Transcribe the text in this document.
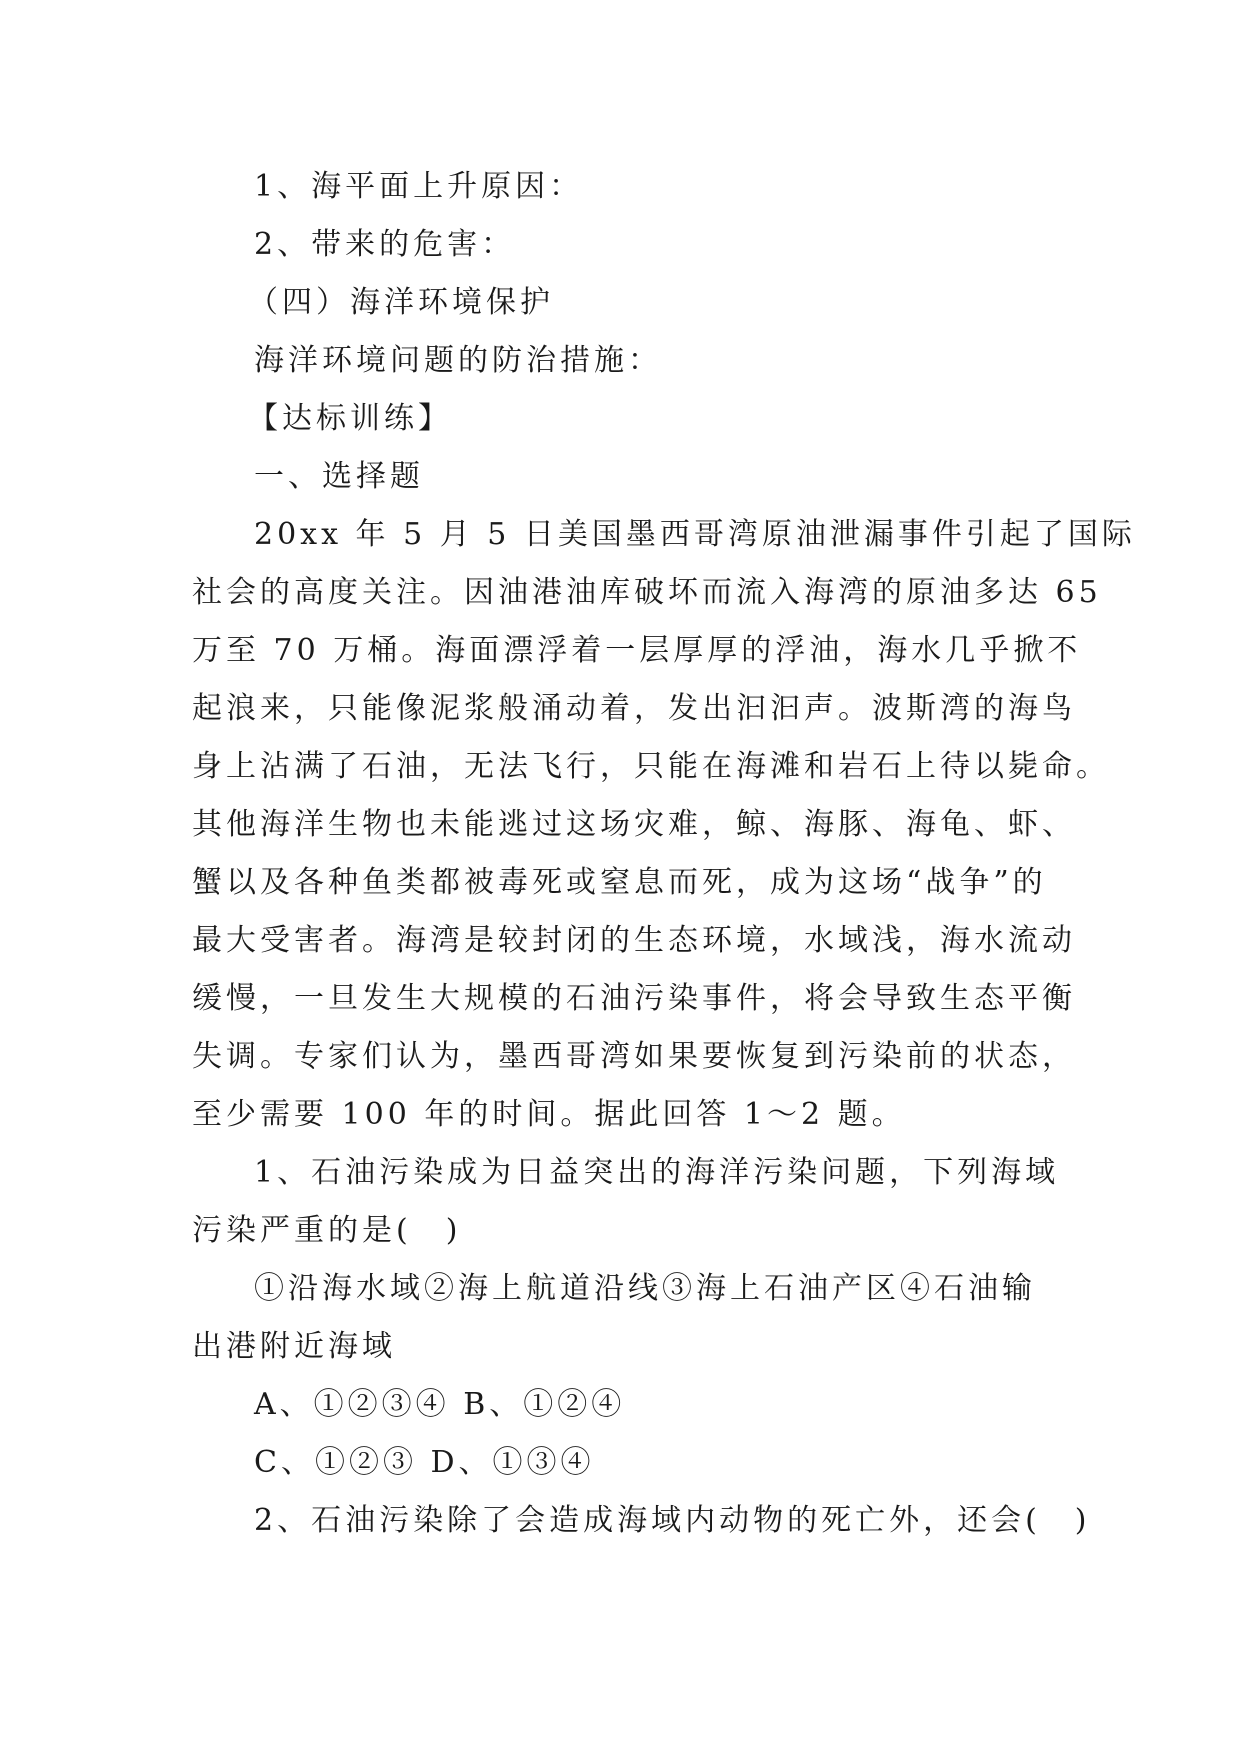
1、海平面上升原因：

2、带来的危害：

（四）海洋环境保护

海洋环境问题的防治措施：

【达标训练】

一、选择题

20xx 年 5 月 5 日美国墨西哥湾原油泄漏事件引起了国际

社会的高度关注。因油港油库破坏而流入海湾的原油多达 65

万至 70 万桶。海面漂浮着一层厚厚的浮油，海水几乎掀不

起浪来，只能像泥浆般涌动着，发出汩汩声。波斯湾的海鸟

身上沾满了石油，无法飞行，只能在海滩和岩石上待以毙命。

其他海洋生物也未能逃过这场灾难，鲸、海豚、海龟、虾、

蟹以及各种鱼类都被毒死或窒息而死，成为这场“战争”的

最大受害者。海湾是较封闭的生态环境，水域浅，海水流动

缓慢，一旦发生大规模的石油污染事件，将会导致生态平衡

失调。专家们认为，墨西哥湾如果要恢复到污染前的状态，

至少需要 100 年的时间。据此回答 1～2 题。

1、石油污染成为日益突出的海洋污染问题，下列海域

污染严重的是(　)

①沿海水域②海上航道沿线③海上石油产区④石油输

出港附近海域

A、①②③④ B、①②④

C、①②③ D、①③④

2、石油污染除了会造成海域内动物的死亡外，还会(　)
